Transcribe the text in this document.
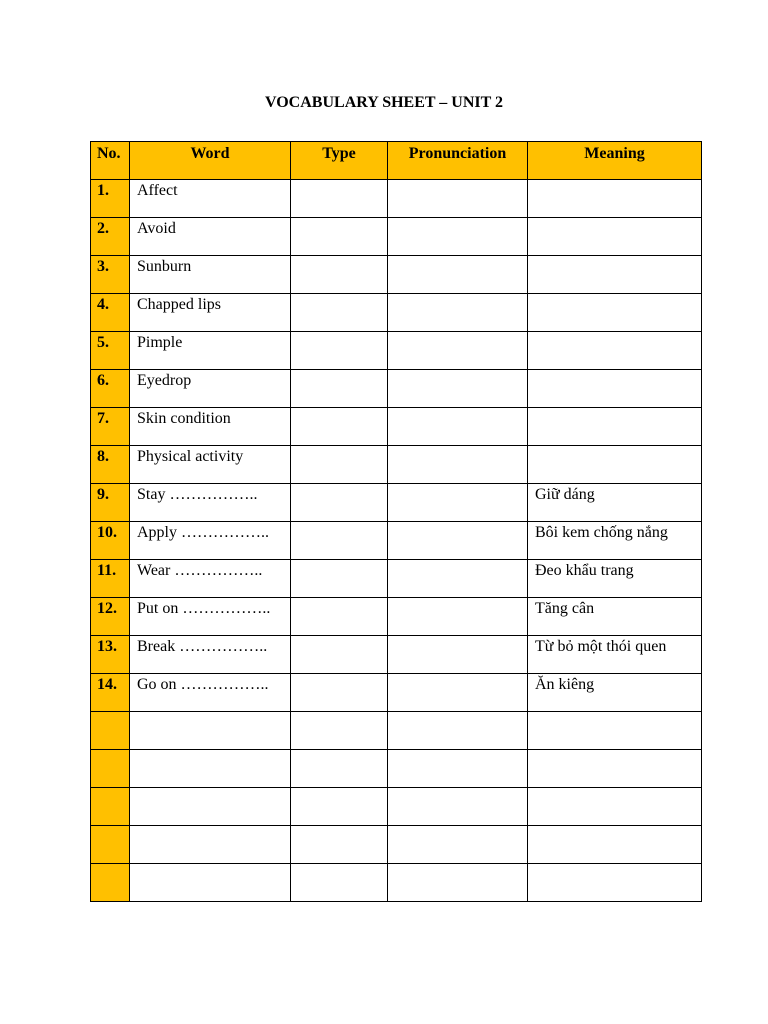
VOCABULARY SHEET – UNIT 2
No.	Word	Type	Pronunciation	Meaning
1.	Affect			
2.	Avoid			
3.	Sunburn			
4.	Chapped lips			
5.	Pimple			
6.	Eyedrop			
7.	Skin condition			
8.	Physical activity			
9.	Stay ……………..			Giữ dáng
10.	Apply ……………..			Bôi kem chống nắng
11.	Wear ……………..			Đeo khẩu trang
12.	Put on ……………..			Tăng cân
13.	Break ……………..			Từ bỏ một thói quen
14.	Go on ……………..			Ăn kiêng
